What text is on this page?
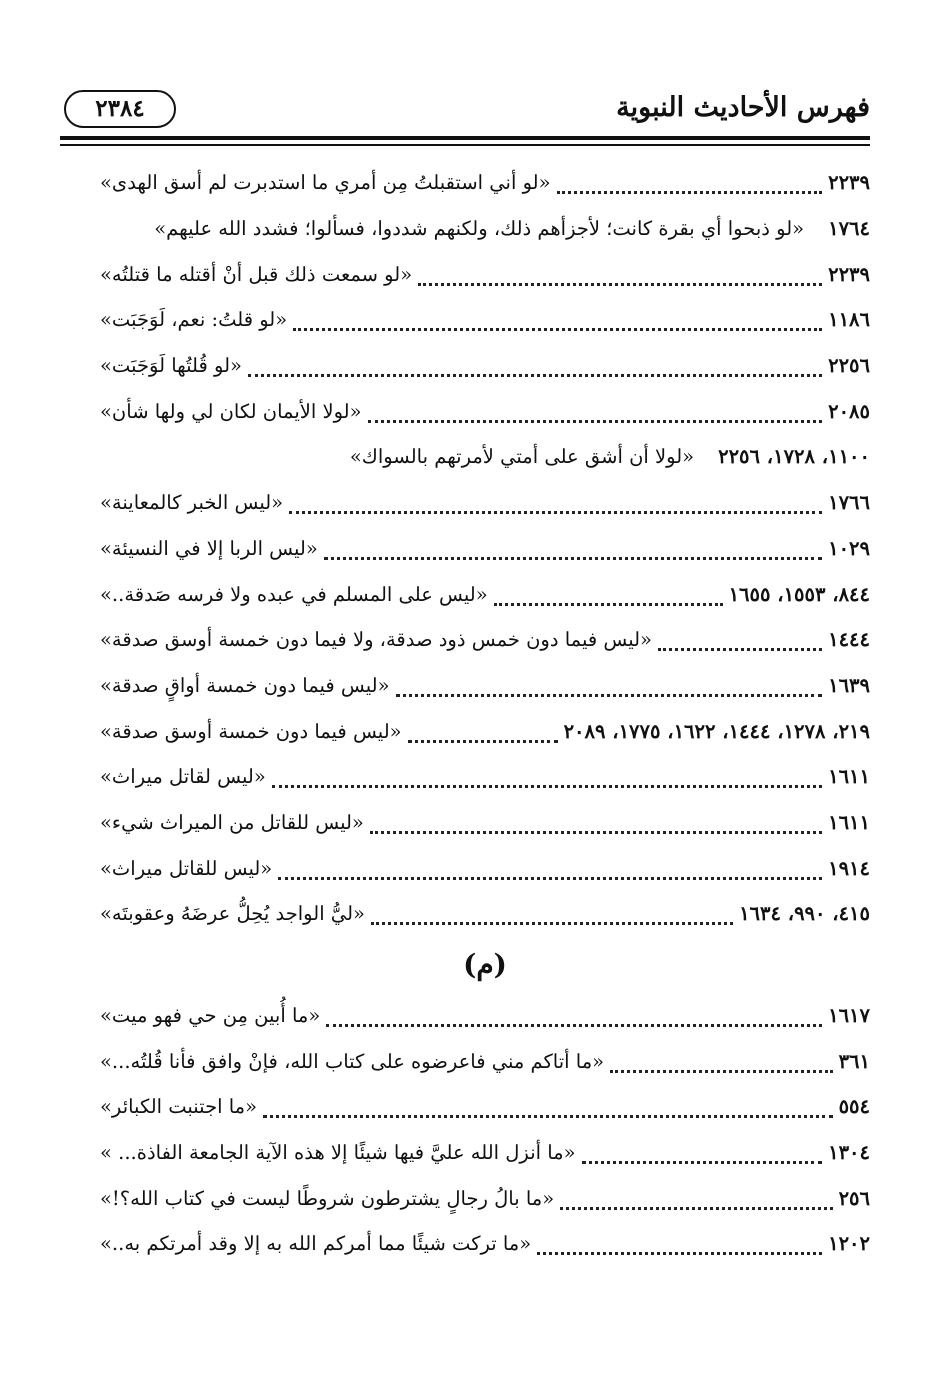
فهرس الأحاديث النبوية
٢٣٨٤
«لو أني استقبلتُ مِن أمري ما استدبرت لم أسق الهدى»	٢٢٣٩
«لو ذبحوا أي بقرة كانت؛ لأجزأهم ذلك، ولكنهم شددوا، فسألوا؛ فشدد الله عليهم» ١٧٦٤
«لو سمعت ذلك قبل أنْ أقتله ما قتلتُه»	٢٢٣٩
«لو قلتُ: نعم، لَوَجَبَت»	١١٨٦
«لو قُلتُها لَوَجَبَت»	٢٢٥٦
«لولا الأيمان لكان لي ولها شأن»	٢٠٨٥
«لولا أن أشق على أمتي لأمرتهم بالسواك» ١١٠٠، ١٧٢٨، ٢٢٥٦
«ليس الخبر كالمعاينة»	١٧٦٦
«ليس الربا إلا في النسيئة»	١٠٢٩
«ليس على المسلم في عبده ولا فرسه صَدقة..»	٨٤٤، ١٥٥٣، ١٦٥٥
«ليس فيما دون خمس ذود صدقة، ولا فيما دون خمسة أوسق صدقة»	١٤٤٤
«ليس فيما دون خمسة أواقٍ صدقة»	١٦٣٩
«ليس فيما دون خمسة أوسق صدقة»	٢١٩، ١٢٧٨، ١٤٤٤، ١٦٢٢، ١٧٧٥، ٢٠٨٩
«ليس لقاتل ميراث»	١٦١١
«ليس للقاتل من الميراث شيء»	١٦١١
«ليس للقاتل ميراث»	١٩١٤
«ليُّ الواجد يُحِلُّ عرضَهُ وعقوبتَه»	٤١٥، ٩٩٠، ١٦٣٤
(م)
«ما أُبين مِن حي فهو ميت»	١٦١٧
«ما أتاكم مني فاعرضوه على كتاب الله، فإنْ وافق فأنا قُلتُه...»	٣٦١
«ما اجتنبت الكبائر»	٥٥٤
«ما أنزل الله عليَّ فيها شيئًا إلا هذه الآية الجامعة الفاذة... »	١٣٠٤
«ما بالُ رجالٍ يشترطون شروطًا ليست في كتاب الله؟!»	٢٥٦
«ما تركت شيئًا مما أمركم الله به إلا وقد أمرتكم به..»	١٢٠٢
